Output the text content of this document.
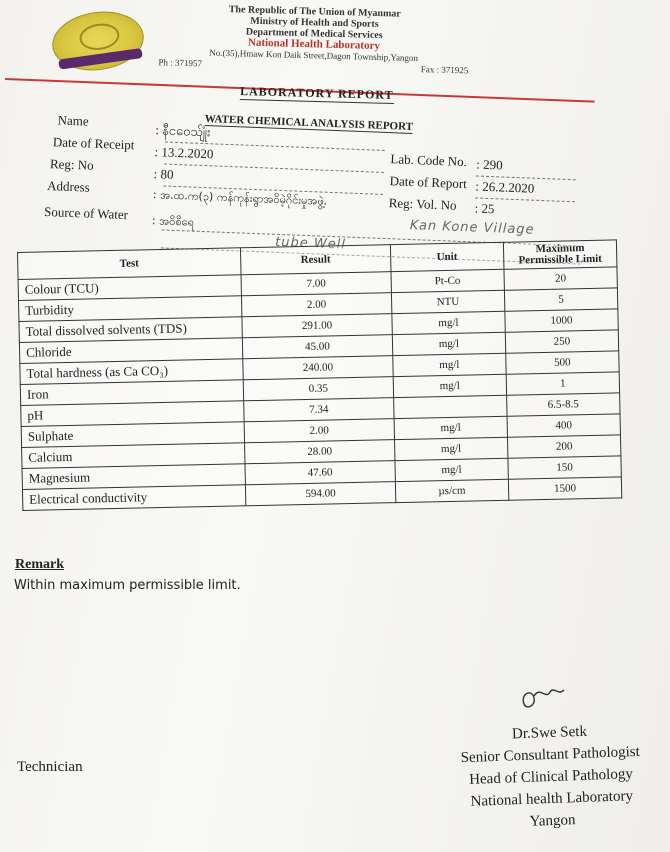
The Republic of The Union of Myanmar
Ministry of Health and Sports
Department of Medical Services
National Health Laboratory
No.(35),Hmaw Kon Daik Street,Dagon Township,Yangon
Ph : 371957
Fax : 371925
LABORATORY REPORT
WATER CHEMICAL ANALYSIS REPORT
Name
: နီငဝေ​သ်ျုံး
Date of Receipt
: 13.2.2020	Lab. Code No. : 290
Reg: No
: 80	Date of Report : 26.2.2020
Address
: အ.ထ.က(၃) ကန်ကုန်းရွာအဝိမဲ့ဂိုင်းမှုအဖွဲ့.	Reg: Vol. No : 25
Kan Kone Village
Source of Water : အဝိစိရေ
tube Well
Test	Result	Unit	Maximum Permissible Limit
Colour (TCU)	7.00	Pt-Co	20
Turbidity	2.00	NTU	5
Total dissolved solvents (TDS)	291.00	mg/l	1000
Chloride	45.00	mg/l	250
Total hardness (as Ca CO₃)	240.00	mg/l	500
Iron	0.35	mg/l	1
pH	7.34		6.5-8.5
Sulphate	2.00	mg/l	400
Calcium	28.00	mg/l	200
Magnesium	47.60	mg/l	150
Electrical conductivity	594.00	µs/cm	1500
Remark
Within maximum permissible limit.
Technician
Dr.Swe Setk
Senior Consultant Pathologist
Head of Clinical Pathology
National health Laboratory
Yangon
